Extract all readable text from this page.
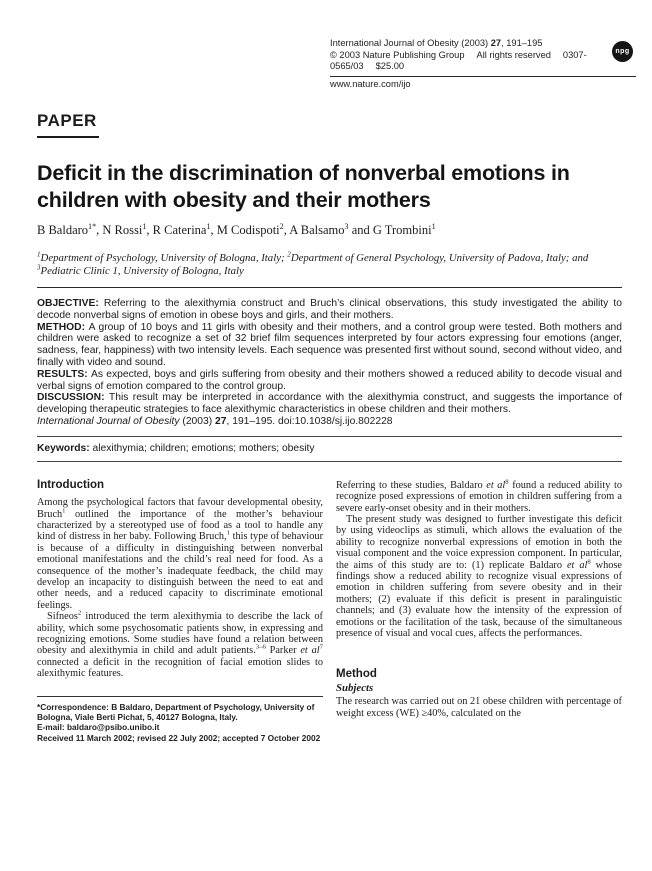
International Journal of Obesity (2003) 27, 191–195
© 2003 Nature Publishing Group All rights reserved 0307-0565/03 $25.00
www.nature.com/ijo
npg
PAPER
Deficit in the discrimination of nonverbal emotions in children with obesity and their mothers
B Baldaro$^{1*}$, N Rossi$^1$, R Caterina$^1$, M Codispoti$^2$, A Balsamo$^3$ and G Trombini$^1$
$^1$Department of Psychology, University of Bologna, Italy; $^2$Department of General Psychology, University of Padova, Italy; and $^3$Pediatric Clinic 1, University of Bologna, Italy

OBJECTIVE: Referring to the alexithymia construct and Bruch’s clinical observations, this study investigated the ability to decode nonverbal signs of emotion in obese boys and girls, and their mothers.

METHOD: A group of 10 boys and 11 girls with obesity and their mothers, and a control group were tested. Both mothers and children were asked to recognize a set of 32 brief film sequences interpreted by four actors expressing four emotions (anger, sadness, fear, happiness) with two intensity levels. Each sequence was presented first without sound, second without video, and finally with video and sound.

RESULTS: As expected, boys and girls suffering from obesity and their mothers showed a reduced ability to decode visual and verbal signs of emotion compared to the control group.

DISCUSSION: This result may be interpreted in accordance with the alexithymia construct, and suggests the importance of developing therapeutic strategies to face alexithymic characteristics in obese children and their mothers.

International Journal of Obesity (2003) 27, 191–195. doi:10.1038/sj.ijo.802228

Keywords: alexithymia; children; emotions; mothers; obesity
Introduction

Among the psychological factors that favour developmental obesity, Bruch$^1$ outlined the importance of the mother’s behaviour characterized by a stereotyped use of food as a tool to handle any kind of distress in her baby. Following Bruch,$^1$ this type of behaviour is because of a difficulty in distinguishing between nonverbal emotional manifestations and the child’s real need for food. As a consequence of the mother’s inadequate feedback, the child may develop an incapacity to distinguish between the need to eat and other needs, and a reduced capacity to discriminate emotional feelings.

Sifneos$^2$ introduced the term alexithymia to describe the lack of ability, which some psychosomatic patients show, in expressing and recognizing emotions. Some studies have found a relation between obesity and alexithymia in child and adult patients.$^{3-6}$ Parker et $al^7$ connected a deficit in the recognition of facial emotion slides to alexithymic features.

*Correspondence: B Baldaro, Department of Psychology, University of Bologna, Viale Berti Pichat, 5, 40127 Bologna, Italy.

E-mail: baldaro@psibo.unibo.it

Received 11 March 2002; revised 22 July 2002; accepted 7 October 2002

Referring to these studies, Baldaro et $al^8$ found a reduced ability to recognize posed expressions of emotion in children suffering from a severe early-onset obesity and in their mothers.

The present study was designed to further investigate this deficit by using videoclips as stimuli, which allows the evaluation of the ability to recognize nonverbal expressions of emotion in both the visual component and the voice expression component. In particular, the aims of this study are to: (1) replicate Baldaro et $al^8$ whose findings show a reduced ability to recognize visual expressions of emotion in children suffering from severe obesity and in their mothers; (2) evaluate if this deficit is present in paralinguistic channels; and (3) evaluate how the intensity of the expression of emotions or the facilitation of the task, because of the simultaneous presence of visual and vocal cues, affects the performances.

Method
Subjects

The research was carried out on 21 obese children with percentage of weight excess (WE) ≥40%, calculated on the
